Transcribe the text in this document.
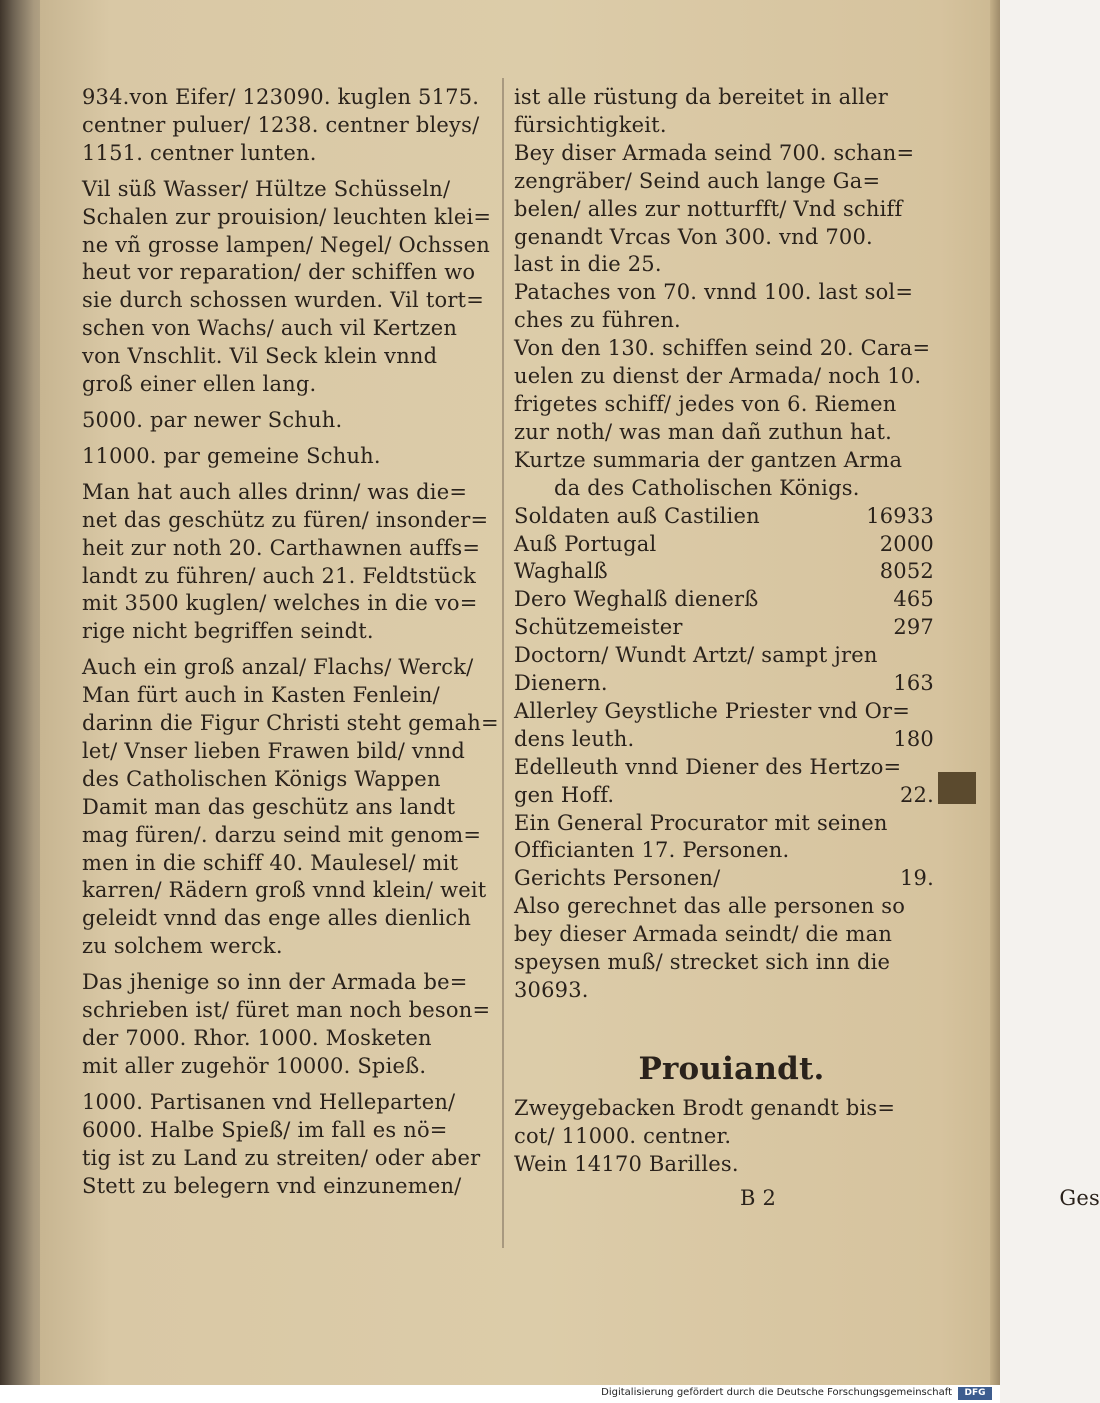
934.von Eifer/ 123090. kuglen 5175.
centner puluer/ 1238. centner bleys/
1151. centner lunten.
Vil süß Wasser/ Hültze Schüsseln/
Schalen zur prouision/ leuchten klei=
ne vñ grosse lampen/ Negel/ Ochssen
heut vor reparation/ der schiffen wo
sie durch schossen wurden. Vil tort=
schen von Wachs/ auch vil Kertzen
von Vnschlit. Vil Seck klein vnnd
groß einer ellen lang.
5000. par newer Schuh.
11000. par gemeine Schuh.
Man hat auch alles drinn/ was die=
net das geschütz zu füren/ insonder=
heit zur noth 20. Carthawnen auffs=
landt zu führen/ auch 21. Feldtstück
mit 3500 kuglen/ welches in die vo=
rige nicht begriffen seindt.
Auch ein groß anzal/ Flachs/ Werck/
Man fürt auch in Kasten Fenlein/
darinn die Figur Christi steht gemah=
let/ Vnser lieben Frawen bild/ vnnd
des Catholischen Königs Wappen
Damit man das geschütz ans landt
mag füren/. darzu seind mit genom=
men in die schiff 40. Maulesel/ mit
karren/ Rädern groß vnnd klein/ weit
geleidt vnnd das enge alles dienlich
zu solchem werck.
Das jhenige so inn der Armada be=
schrieben ist/ füret man noch beson=
der 7000. Rhor. 1000. Mosketen
mit aller zugehör 10000. Spieß.
1000. Partisanen vnd Helleparten/
6000. Halbe Spieß/ im fall es nö=
tig ist zu Land zu streiten/ oder aber
Stett zu belegern vnd einzunemen/
ist alle rüstung da bereitet in aller
fürsichtigkeit.
Bey diser Armada seind 700. schan=
zengräber/ Seind auch lange Ga=
belen/ alles zur notturfft/ Vnd schiff
genandt Vrcas Von 300. vnd 700.
last in die 25.
Pataches von 70. vnnd 100. last sol=
ches zu führen.
Von den 130. schiffen seind 20. Cara=
uelen zu dienst der Armada/ noch 10.
frigetes schiff/ jedes von 6. Riemen
zur noth/ was man dañ zuthun hat.
Kurtze summaria der gantzen Arma
da des Catholischen Königs.
Soldaten auß Castilien	16933
Auß Portugal	2000
Waghalß	8052
Dero Weghalß dienerß	465
Schützemeister	297
Doctorn/ Wundt Artzt/ sampt jren
Dienern.	163
Allerley Geystliche Priester vnd Or=
dens leuth.	180
Edelleuth vnnd Diener des Hertzo=
gen Hoff.	22.
Ein General Procurator mit seinen
Officianten 17. Personen.
Gerichts Personen/	19.
Also gerechnet das alle personen so
bey dieser Armada seindt/ die man
speysen muß/ strecket sich inn die
30693.
Prouiandt.
Zweygebacken Brodt genandt bis=
cot/ 11000. centner.
Wein 14170 Barilles.
B 2	Ges
Digitalisierung gefördert durch die Deutsche Forschungsgemeinschaft	DFG
